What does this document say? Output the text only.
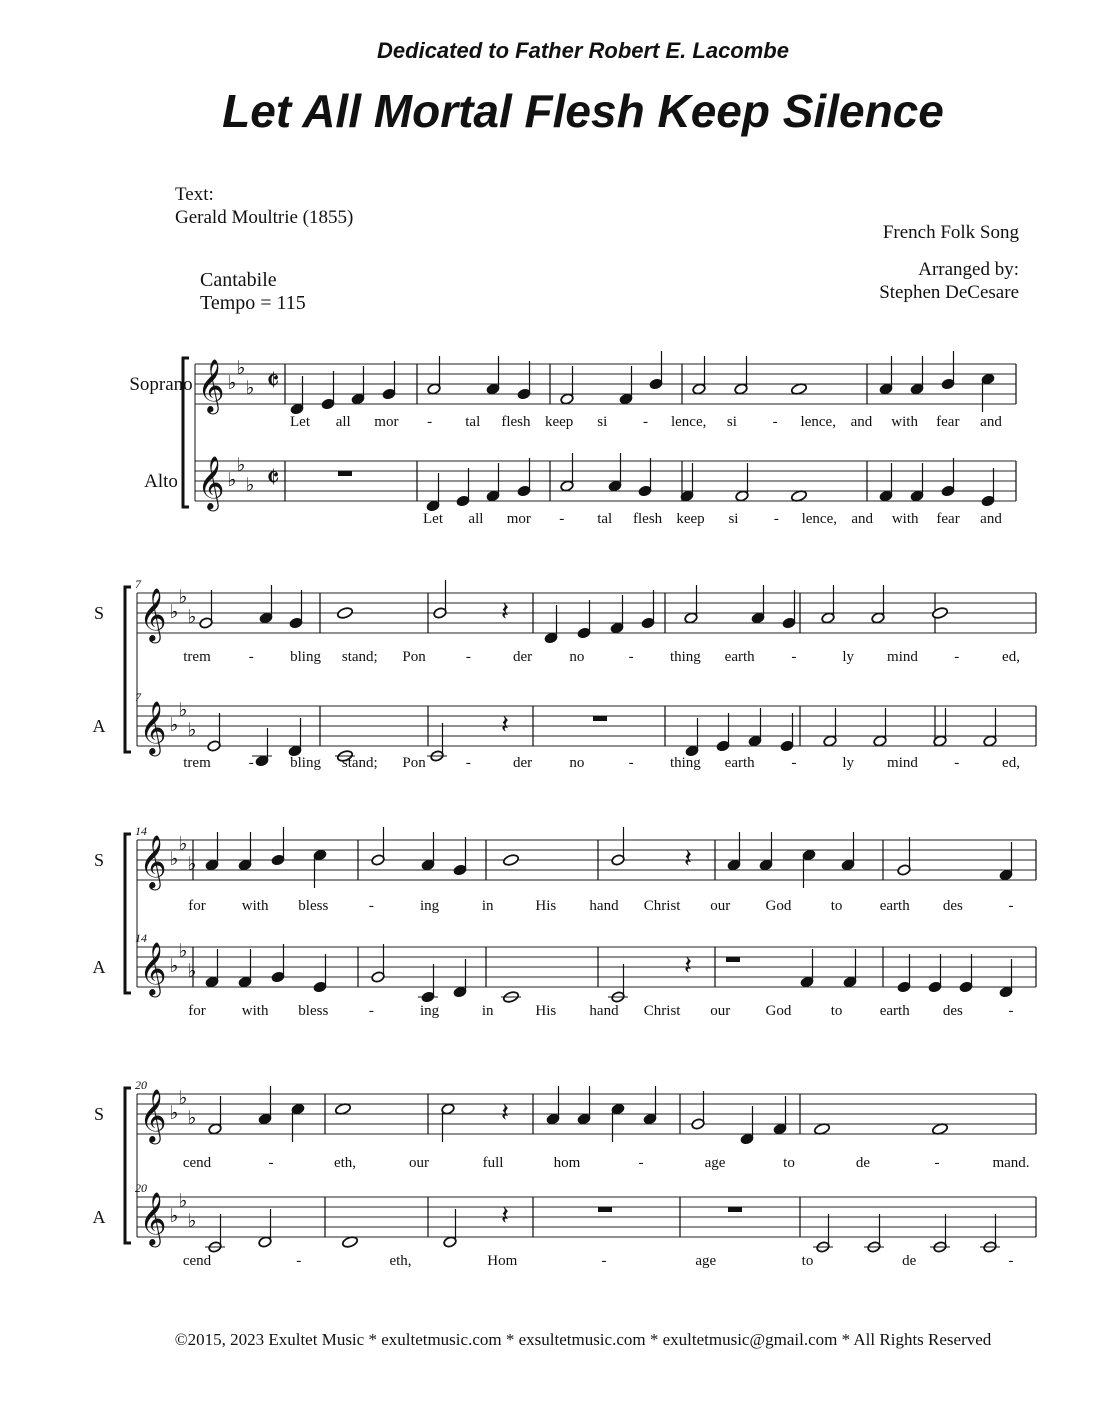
Dedicated to Father Robert E. Lacombe
Let All Mortal Flesh Keep Silence
Text:
Gerald Moultrie (1855)
French Folk Song
Arranged by:
Stephen DeCesare
Cantabile
Tempo = 115
Soprano 𝄞 ♭
♭
♭ 𝄵
Let all mor - tal flesh keep si - lence, si - lence, and with fear and
Alto 𝄞 ♭
♭
♭ 𝄵
Let all mor - tal flesh keep si - lence, and with fear and
7
7
S 𝄞 ♭
♭
♭	𝄽
trem	- bling stand; Pon	-	der no	- thing earth -	ly mind -	ed,
A 𝄞 ♭
♭
♭	𝄽
trem	- bling stand; Pon	-	der no	- thing earth -	ly mind -	ed,
14
14
S 𝄞 ♭
♭
♭	𝄽
for with bless	-	ing	in	His hand Christ our God	to earth des	-
A 𝄞 ♭
♭
♭	𝄽
for with bless	-	ing	in	His hand Christ our God	to earth des	-
20
20
S 𝄞 ♭
♭
♭	𝄽
cend	-	eth,	our	full	hom	-	age	to	de	-	mand.
A 𝄞 ♭
♭
♭	𝄽
cend	-	eth,	Hom	-	age	to	de	-
©2015, 2023 Exultet Music * exultetmusic.com * exsultetmusic.com * exultetmusic@gmail.com * All Rights Reserved
